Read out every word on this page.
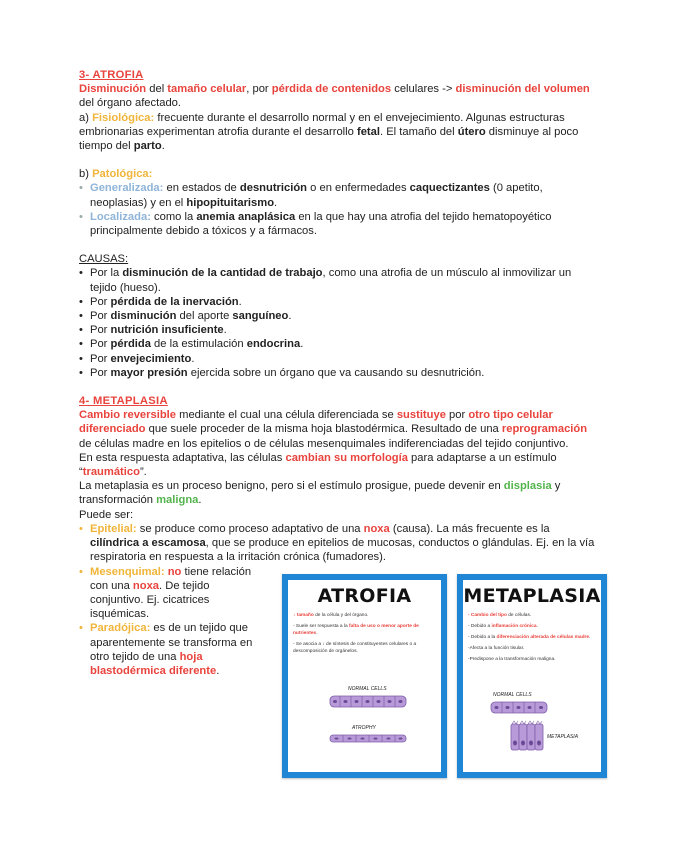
3- ATROFIA

Disminución del tamaño celular, por pérdida de contenidos celulares -> disminución del volumen del órgano afectado.

a) Fisiológica: frecuente durante el desarrollo normal y en el envejecimiento. Algunas estructuras embrionarias experimentan atrofia durante el desarrollo fetal. El tamaño del útero disminuye al poco tiempo del parto.

b) Patológica:

• Generalizada: en estados de desnutrición o en enfermedades caquectizantes (0 apetito, neoplasias) y en el hipopituitarismo.
• Localizada: como la anemia anaplásica en la que hay una atrofia del tejido hematopoyético principalmente debido a tóxicos y a fármacos.

CAUSAS:

• Por la disminución de la cantidad de trabajo, como una atrofia de un músculo al inmovilizar un tejido (hueso).
• Por pérdida de la inervación.
• Por disminución del aporte sanguíneo.
• Por nutrición insuficiente.
• Por pérdida de la estimulación endocrina.
• Por envejecimiento.
• Por mayor presión ejercida sobre un órgano que va causando su desnutrición.

4- METAPLASIA

Cambio reversible mediante el cual una célula diferenciada se sustituye por otro tipo celular diferenciado que suele proceder de la misma hoja blastodérmica. Resultado de una reprogramación de células madre en los epitelios o de células mesenquimales indiferenciadas del tejido conjuntivo.

En esta respuesta adaptativa, las células cambian su morfología para adaptarse a un estímulo “traumático”.

La metaplasia es un proceso benigno, pero si el estímulo prosigue, puede devenir en displasia y transformación maligna.

Puede ser:

• Epitelial: se produce como proceso adaptativo de una noxa (causa). La más frecuente es la cilíndrica a escamosa, que se produce en epitelios de mucosas, conductos o glándulas. Ej. en la vía respiratoria en respuesta a la irritación crónica (fumadores).
• Mesenquimal: no tiene relación con una noxa. De tejido conjuntivo. Ej. cicatrices isquémicas.
• Paradójica: es de un tejido que aparentemente se transforma en otro tejido de una hoja blastodérmica diferente.
ATROFIA

↓ tamaño de la célula y del órgano.

- Suele ser respuesta a la falta de uso o menor aporte de nutrientes.

- Se asocia a ↓ de síntesis de constituyentes celulares o a descomposición de orgánelos.

NORMAL CELLS
ATROPHY
METAPLASIA

- Cambio del tipo de células.

- Debido a inflamación crónica.

- Debido a la diferenciación alterada de células madre.

-Afecta a la función tisular.

-Predispone a la transformación maligna.

NORMAL CELLS
METAPLASIA
